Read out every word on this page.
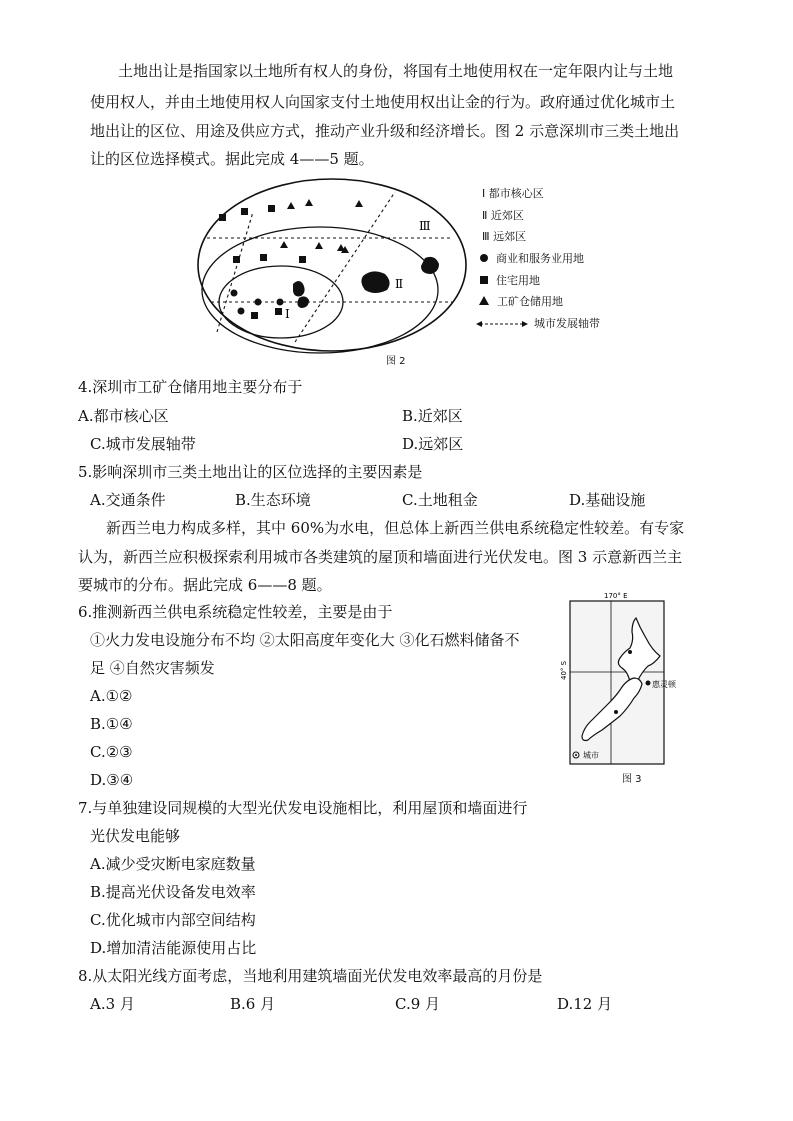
土地出让是指国家以土地所有权人的身份，将国有土地使用权在一定年限内让与土地
使用权人，并由土地使用权人向国家支付土地使用权出让金的行为。政府通过优化城市土
地出让的区位、用途及供应方式，推动产业升级和经济增长。图 2 示意深圳市三类土地出
让的区位选择模式。据此完成 4——5 题。
Ⅰ
Ⅱ
Ⅲ
Ⅰ 都市核心区
Ⅱ 近郊区
Ⅲ 远郊区
商业和服务业用地
住宅用地
工矿仓储用地
城市发展轴带
图 2
4.深圳市工矿仓储用地主要分布于
A.都市核心区	B.近郊区
C.城市发展轴带	D.远郊区
5.影响深圳市三类土地出让的区位选择的主要因素是
A.交通条件	B.生态环境	C.土地租金	D.基础设施
新西兰电力构成多样，其中 60%为水电，但总体上新西兰供电系统稳定性较差。有专家
认为，新西兰应积极探索利用城市各类建筑的屋顶和墙面进行光伏发电。图 3 示意新西兰主
要城市的分布。据此完成 6——8 题。
6.推测新西兰供电系统稳定性较差，主要是由于
①火力发电设施分布不均 ②太阳高度年变化大 ③化石燃料储备不
足 ④自然灾害频发
A.①②
B.①④
C.②③
D.③④
170° E
40° S
惠灵顿
城市
图 3
7.与单独建设同规模的大型光伏发电设施相比，利用屋顶和墙面进行
光伏发电能够
A.减少受灾断电家庭数量
B.提高光伏设备发电效率
C.优化城市内部空间结构
D.增加清洁能源使用占比
8.从太阳光线方面考虑，当地利用建筑墙面光伏发电效率最高的月份是
A.3 月	B.6 月	C.9 月	D.12 月
